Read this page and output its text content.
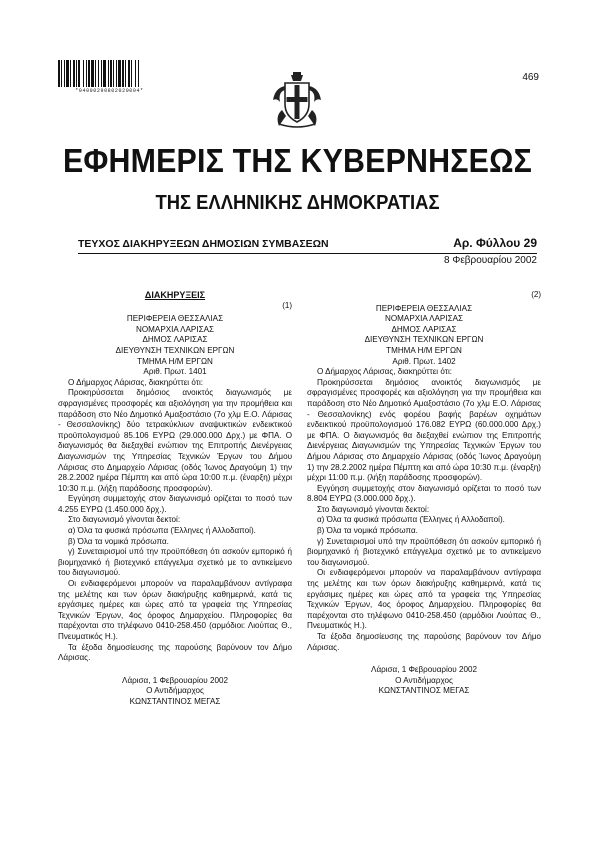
*04000290802020004*
469
ΕΦΗΜΕΡΙΣ ΤΗΣ ΚΥΒΕΡΝΗΣΕΩΣ
ΤΗΣ ΕΛΛΗΝΙΚΗΣ ΔΗΜΟΚΡΑΤΙΑΣ
ΤΕΥΧΟΣ ΔΙΑΚΗΡΥΞΕΩΝ ΔΗΜΟΣΙΩΝ ΣΥΜΒΑΣΕΩΝ	Αρ. Φύλλου 29
8 Φεβρουαρίου 2002
ΔΙΑΚΗΡΥΞΕΙΣ
(1)
ΠΕΡΙΦΕΡΕΙΑ ΘΕΣΣΑΛΙΑΣ
ΝΟΜΑΡΧΙΑ ΛΑΡΙΣΑΣ
ΔΗΜΟΣ ΛΑΡΙΣΑΣ
ΔΙΕΥΘΥΝΣΗ ΤΕΧΝΙΚΩΝ ΕΡΓΩΝ
ΤΜΗΜΑ Η/Μ ΕΡΓΩΝ
Αριθ. Πρωτ. 1401
Ο Δήμαρχος Λάρισας, διακηρύττει ότι:
Προκηρύσσεται δημόσιος ανοικτός διαγωνισμός με σφραγισμένες προσφορές και αξιολόγηση για την προμήθεια και παράδοση στο Νέο Δημοτικό Αμαξοστάσιο (7ο χλμ Ε.Ο. Λάρισας - Θεσσαλονίκης) δύο τετρακύκλιων αναψυκτικών ενδεικτικού προϋπολογισμού 85.106 ΕΥΡΩ (29.000.000 Δρχ.) με ΦΠΑ. Ο διαγωνισμός θα διεξαχθεί ενώπιον της Επιτροπής Διενέργειας Διαγωνισμών της Υπηρεσίας Τεχνικών Έργων του Δήμου Λάρισας στο Δημαρχείο Λάρισας (οδός Ίωνος Δραγούμη 1) την 28.2.2002 ημέρα Πέμπτη και από ώρα 10:00 π.μ. (έναρξη) μέχρι 10:30 π.μ. (λήξη παράδοσης προσφορών).
Εγγύηση συμμετοχής στον διαγωνισμό ορίζεται το ποσό των 4.255 ΕΥΡΩ (1.450.000 δρχ.).
Στο διαγωνισμό γίνονται δεκτοί:
α) Όλα τα φυσικά πρόσωπα (Έλληνες ή Αλλοδαποί).
β) Όλα τα νομικά πρόσωπα.
γ) Συνεταιρισμοί υπό την προϋπόθεση ότι ασκούν εμπορικό ή βιομηχανικό ή βιοτεχνικό επάγγελμα σχετικό με το αντικείμενο του διαγωνισμού.
Οι ενδιαφερόμενοι μπορούν να παραλαμβάνουν αντίγραφα της μελέτης και των όρων διακήρυξης καθημερινά, κατά τις εργάσιμες ημέρες και ώρες από τα γραφεία της Υπηρεσίας Τεχνικών Έργων, 4ος όροφος Δημαρχείου. Πληροφορίες θα παρέχονται στο τηλέφωνο 0410-258.450 (αρμόδιοι: Λιούπας Θ., Πνευματικός Η.).
Τα έξοδα δημοσίευσης της παρούσης βαρύνουν τον Δήμο Λάρισας.
Λάρισα, 1 Φεβρουαρίου 2002
Ο Αντιδήμαρχος
ΚΩΝΣΤΑΝΤΙΝΟΣ ΜΕΓΑΣ
(2)
ΠΕΡΙΦΕΡΕΙΑ ΘΕΣΣΑΛΙΑΣ
ΝΟΜΑΡΧΙΑ ΛΑΡΙΣΑΣ
ΔΗΜΟΣ ΛΑΡΙΣΑΣ
ΔΙΕΥΘΥΝΣΗ ΤΕΧΝΙΚΩΝ ΕΡΓΩΝ
ΤΜΗΜΑ Η/Μ ΕΡΓΩΝ
Αριθ. Πρωτ. 1402
Ο Δήμαρχος Λάρισας, διακηρύττει ότι:
Προκηρύσσεται δημόσιος ανοικτός διαγωνισμός με σφραγισμένες προσφορές και αξιολόγηση για την προμήθεια και παράδοση στο Νέο Δημοτικό Αμαξοστάσιο (7ο χλμ Ε.Ο. Λάρισας - Θεσσαλονίκης) ενός φορέου βαφής βαρέων οχημάτων ενδεικτικού προϋπολογισμού 176.082 ΕΥΡΩ (60.000.000 Δρχ.) με ΦΠΑ. Ο διαγωνισμός θα διεξαχθεί ενώπιον της Επιτροπής Διενέργειας Διαγωνισμών της Υπηρεσίας Τεχνικών Έργων του Δήμου Λάρισας στο Δημαρχείο Λάρισας (οδός Ίωνος Δραγούμη 1) την 28.2.2002 ημέρα Πέμπτη και από ώρα 10:30 π.μ. (έναρξη) μέχρι 11:00 π.μ. (λήξη παράδοσης προσφορών).
Εγγύηση συμμετοχής στον διαγωνισμό ορίζεται το ποσό των 8.804 ΕΥΡΩ (3.000.000 δρχ.).
Στο διαγωνισμό γίνονται δεκτοί:
α) Όλα τα φυσικά πρόσωπα (Έλληνες ή Αλλοδαποί).
β) Όλα τα νομικά πρόσωπα.
γ) Συνεταιρισμοί υπό την προϋπόθεση ότι ασκούν εμπορικό ή βιομηχανικό ή βιοτεχνικό επάγγελμα σχετικό με το αντικείμενο του διαγωνισμού.
Οι ενδιαφερόμενοι μπορούν να παραλαμβάνουν αντίγραφα της μελέτης και των όρων διακήρυξης καθημερινά, κατά τις εργάσιμες ημέρες και ώρες από τα γραφεία της Υπηρεσίας Τεχνικών Έργων, 4ος όροφος Δημαρχείου. Πληροφορίες θα παρέχονται στο τηλέφωνο 0410-258.450 (αρμόδιοι Λιούπας Θ., Πνευματικός Η.).
Τα έξοδα δημοσίευσης της παρούσης βαρύνουν τον Δήμο Λάρισας.
Λάρισα, 1 Φεβρουαρίου 2002
Ο Αντιδήμαρχος
ΚΩΝΣΤΑΝΤΙΝΟΣ ΜΕΓΑΣ
